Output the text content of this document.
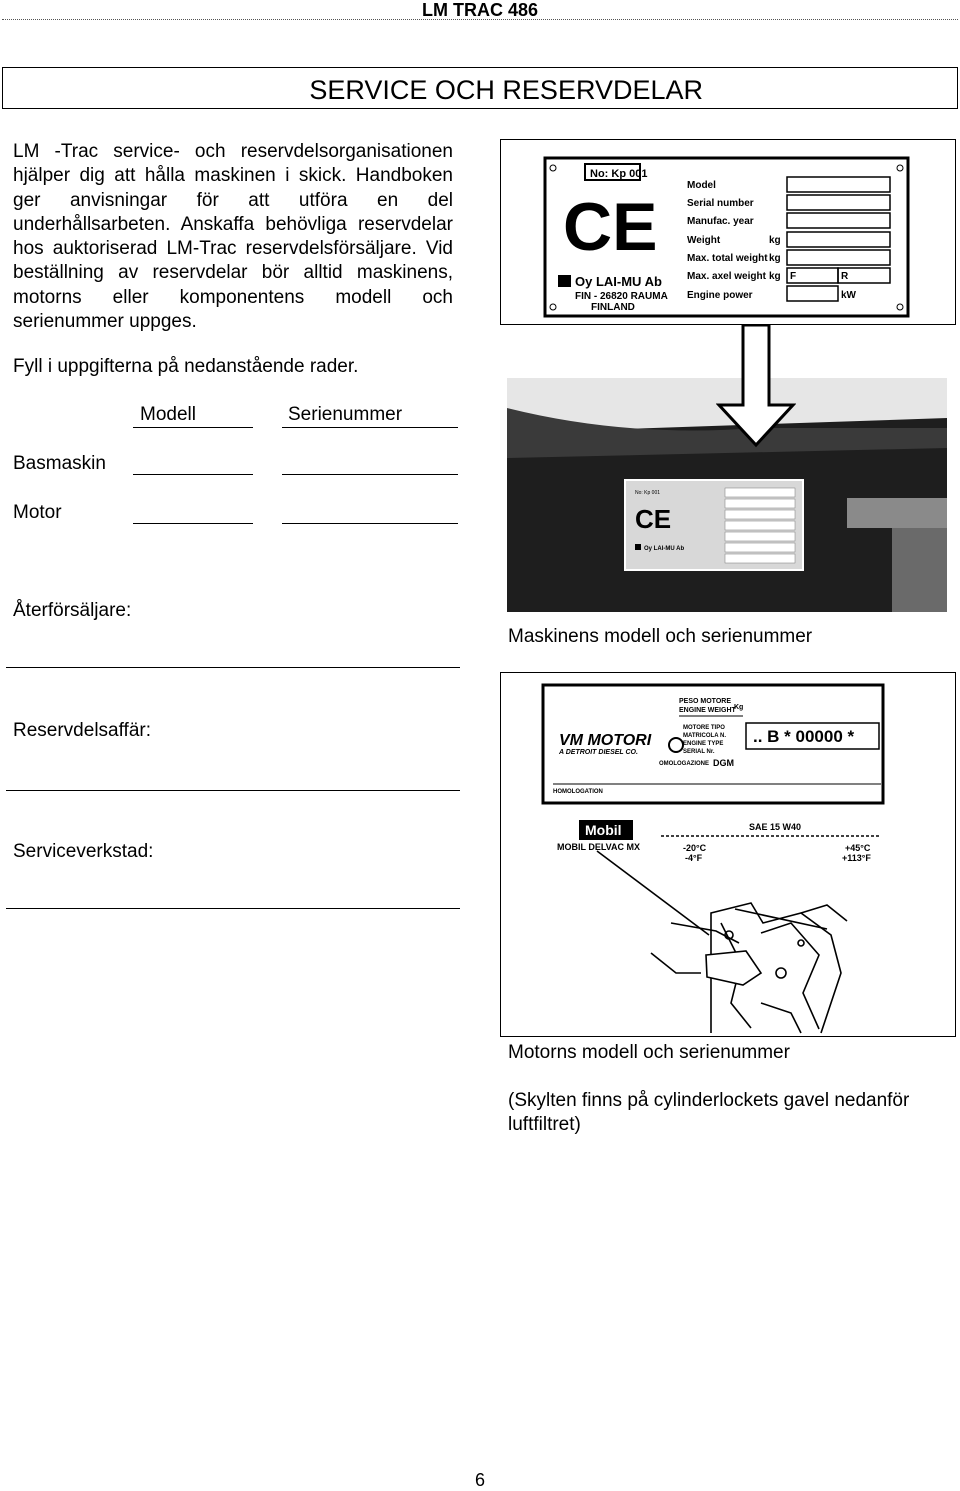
LM TRAC 486
SERVICE OCH RESERVDELAR

LM -Trac service- och reservdelsorganisationen hjälper dig att hålla maskinen i skick. Handboken ger anvisningar för att utföra en del underhållsarbeten. Anskaffa behövliga reservdelar hos auktoriserad LM-Trac reservdelsförsäljare. Vid beställning av reservdelar bör alltid maskinens, motorns eller komponentens modell och serienummer uppges.

Fyll i uppgifterna på nedanstående rader.
Modell	Serienummer
Basmaskin
Motor
Återförsäljare:
Reservdelsaffär:
Serviceverkstad:
No: Kp 001
CE
Oy LAI-MU Ab
FIN - 26820 RAUMA
FINLAND
Model
Serial number
Manufac. year
Weight
Max. total weight
Max. axel weight
Engine power
kg
kg
kg F	R
kW
No: Kp 001
CE
Oy LAI-MU Ab
Maskinens modell och serienummer
PESO MOTORE
ENGINE WEIGHT
Kg
VM MOTORI
A DETROIT DIESEL CO.
MOTORE TIPO
MATRICOLA N.
ENGINE TYPE
SERIAL Nr.
.. B * 00000 *
OMOLOGAZIONE DGM
HOMOLOGATION
Mobil
MOBIL DELVAC MX
SAE 15 W40
-20°C
-4°F
+45°C
+113°F
Motorns modell och serienummer
(Skylten finns på cylinderlockets gavel nedanför luftfiltret)
6
